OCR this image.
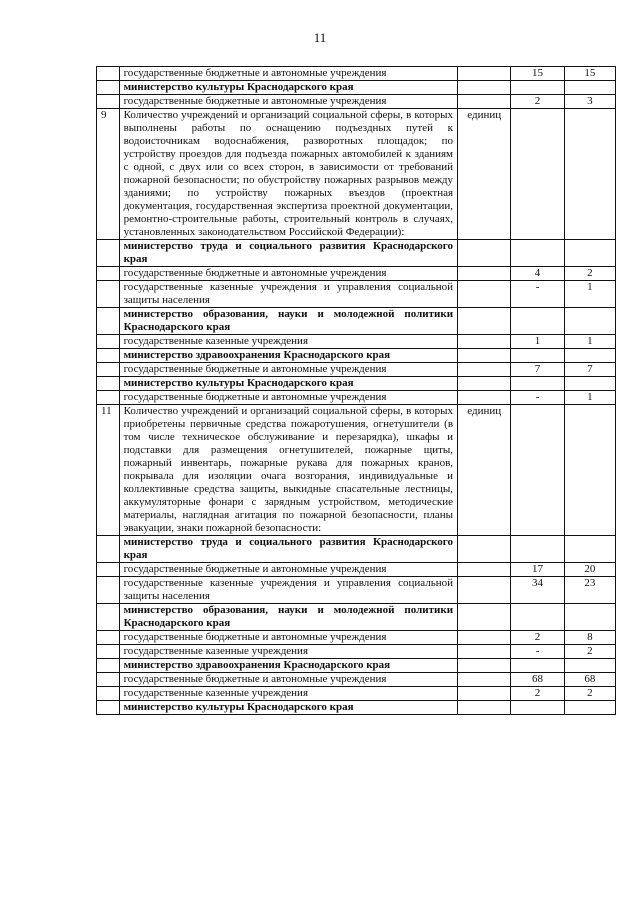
11
	государственные бюджетные и автономные учреждения		15	15
	министерство культуры Краснодарского края			
	государственные бюджетные и автономные учреждения		2	3
9	Количество учреждений и организаций социальной сферы, в которых выполнены работы по оснащению подъездных путей к водоисточникам водоснабжения, разворотных площадок; по устройству проездов для подъезда пожарных автомобилей к зданиям с одной, с двух или со всех сторон, в зависимости от требований пожарной безопасности; по обустройству пожарных разрывов между зданиями; по устройству пожарных въездов (проектная документация, государственная экспертиза проектной документации, ремонтно-строительные работы, строительный контроль в случаях, установленных законодательством Российской Федерации):	единиц		
	министерство труда и социального развития Краснодарского края			
	государственные бюджетные и автономные учреждения		4	2
	государственные казенные учреждения и управления социальной защиты населения		-	1
	министерство образования, науки и молодежной политики Краснодарского края			
	государственные казенные учреждения		1	1
	министерство здравоохранения Краснодарского края			
	государственные бюджетные и автономные учреждения		7	7
	министерство культуры Краснодарского края			
	государственные бюджетные и автономные учреждения		-	1
11	Количество учреждений и организаций социальной сферы, в которых приобретены первичные средства пожаротушения, огнетушители (в том числе техническое обслуживание и перезарядка), шкафы и подставки для размещения огнетушителей, пожарные щиты, пожарный инвентарь, пожарные рукава для пожарных кранов, покрывала для изоляции очага возгорания, индивидуальные и коллективные средства защиты, выкидные спасательные лестницы, аккумуляторные фонари с зарядным устройством, методические материалы, наглядная агитация по пожарной безопасности, планы эвакуации, знаки пожарной безопасности:	единиц		
	министерство труда и социального развития Краснодарского края			
	государственные бюджетные и автономные учреждения		17	20
	государственные казенные учреждения и управления социальной защиты населения		34	23
	министерство образования, науки и молодежной политики Краснодарского края			
	государственные бюджетные и автономные учреждения		2	8
	государственные казенные учреждения		-	2
	министерство здравоохранения Краснодарского края			
	государственные бюджетные и автономные учреждения		68	68
	государственные казенные учреждения		2	2
	министерство культуры Краснодарского края			
